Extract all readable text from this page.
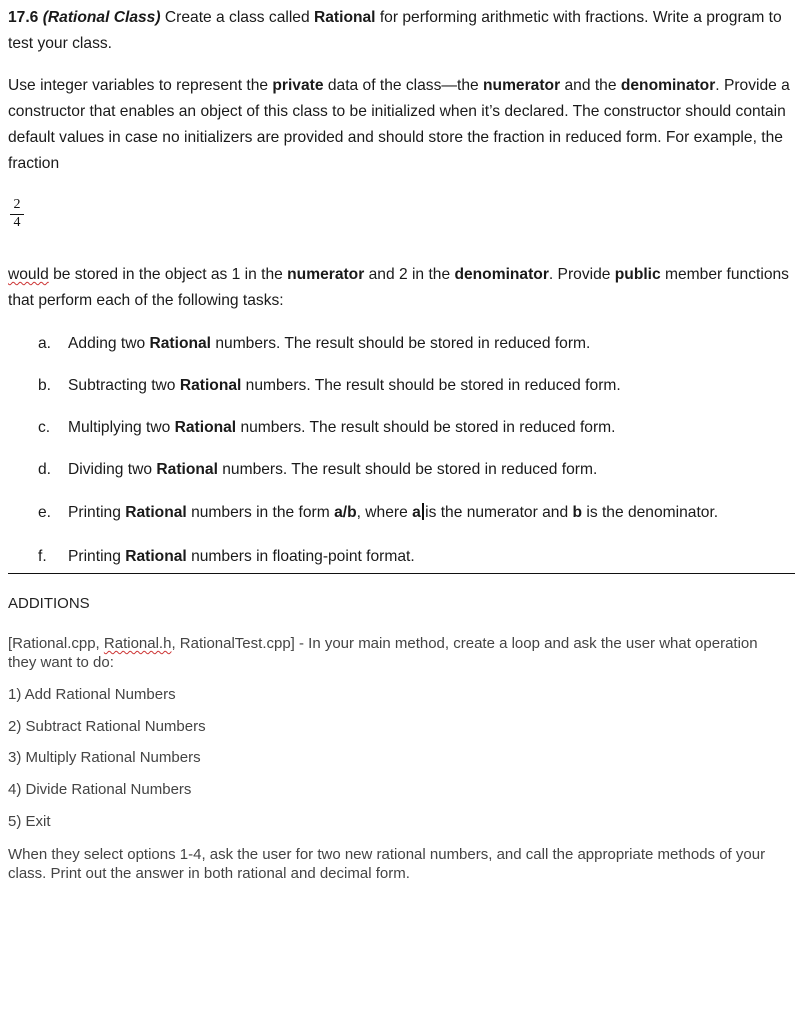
17.6 (Rational Class) Create a class called Rational for performing arithmetic with fractions. Write a program to test your class.
Use integer variables to represent the private data of the class—the numerator and the denominator. Provide a constructor that enables an object of this class to be initialized when it’s declared. The constructor should contain default values in case no initializers are provided and should store the fraction in reduced form. For example, the fraction
2
4
would be stored in the object as 1 in the numerator and 2 in the denominator. Provide public member functions that perform each of the following tasks:
a. Adding two Rational numbers. The result should be stored in reduced form.
b. Subtracting two Rational numbers. The result should be stored in reduced form.
c. Multiplying two Rational numbers. The result should be stored in reduced form.
d. Dividing two Rational numbers. The result should be stored in reduced form.
e. Printing Rational numbers in the form a/b, where a is the numerator and b is the denominator.
f. Printing Rational numbers in floating-point format.
ADDITIONS
[Rational.cpp, Rational.h, RationalTest.cpp] - In your main method, create a loop and ask the user what operation they want to do:
1) Add Rational Numbers
2) Subtract Rational Numbers
3) Multiply Rational Numbers
4) Divide Rational Numbers
5) Exit
When they select options 1-4, ask the user for two new rational numbers, and call the appropriate methods of your class. Print out the answer in both rational and decimal form.
